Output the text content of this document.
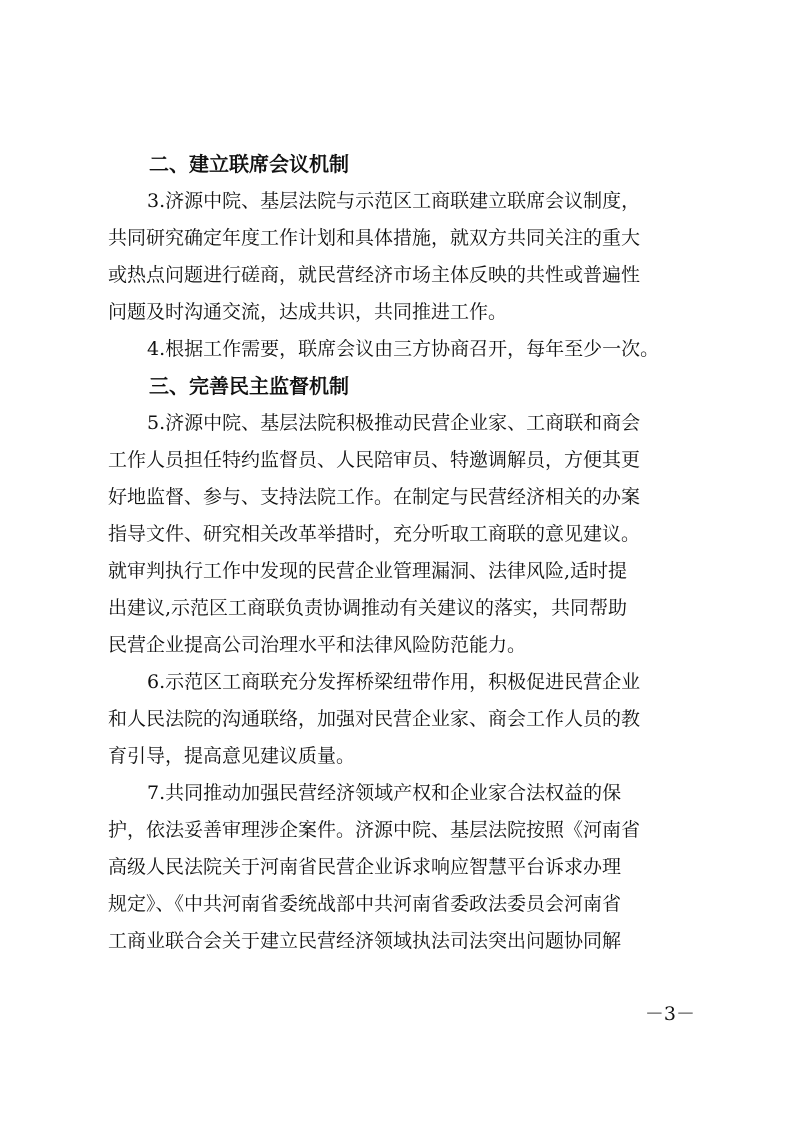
二、建立联席会议机制

3.济源中院、基层法院与示范区工商联建立联席会议制度，

共同研究确定年度工作计划和具体措施，就双方共同关注的重大

或热点问题进行磋商，就民营经济市场主体反映的共性或普遍性

问题及时沟通交流，达成共识，共同推进工作。

4.根据工作需要，联席会议由三方协商召开，每年至少一次。

三、完善民主监督机制

5.济源中院、基层法院积极推动民营企业家、工商联和商会

工作人员担任特约监督员、人民陪审员、特邀调解员，方便其更

好地监督、参与、支持法院工作。在制定与民营经济相关的办案

指导文件、研究相关改革举措时，充分听取工商联的意见建议。

就审判执行工作中发现的民营企业管理漏洞、法律风险,适时提

出建议,示范区工商联负责协调推动有关建议的落实，共同帮助

民营企业提高公司治理水平和法律风险防范能力。

6.示范区工商联充分发挥桥梁纽带作用，积极促进民营企业

和人民法院的沟通联络，加强对民营企业家、商会工作人员的教

育引导，提高意见建议质量。

7.共同推动加强民营经济领域产权和企业家合法权益的保

护，依法妥善审理涉企案件。济源中院、基层法院按照《河南省

高级人民法院关于河南省民营企业诉求响应智慧平台诉求办理

规定》、《中共河南省委统战部中共河南省委政法委员会河南省

工商业联合会关于建立民营经济领域执法司法突出问题协同解

－3－
